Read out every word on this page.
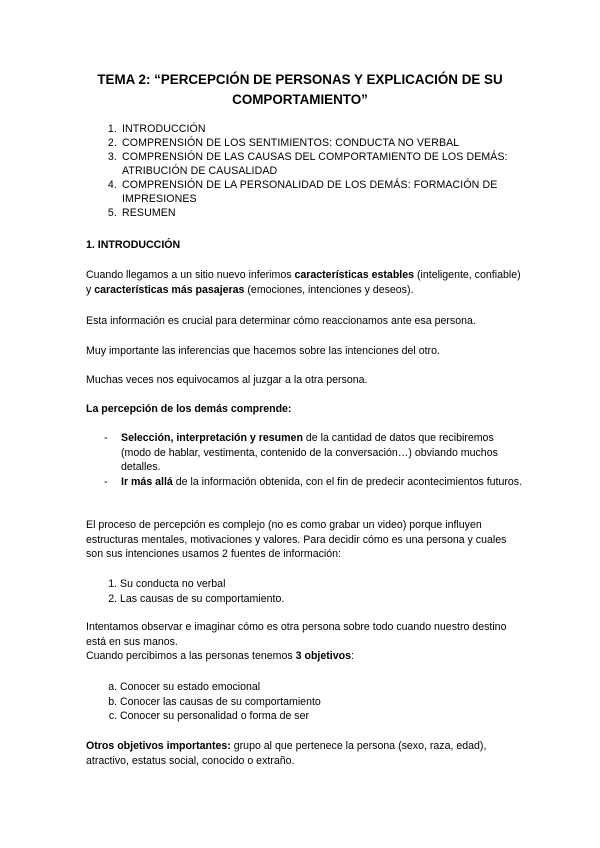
TEMA 2: “PERCEPCIÓN DE PERSONAS Y EXPLICACIÓN DE SU COMPORTAMIENTO”
1. INTRODUCCIÓN
2. COMPRENSIÓN DE LOS SENTIMIENTOS: CONDUCTA NO VERBAL
3. COMPRENSIÓN DE LAS CAUSAS DEL COMPORTAMIENTO DE LOS DEMÁS: ATRIBUCIÓN DE CAUSALIDAD
4. COMPRENSIÓN DE LA PERSONALIDAD DE LOS DEMÁS: FORMACIÓN DE IMPRESIONES
5. RESUMEN
1. INTRODUCCIÓN

Cuando llegamos a un sitio nuevo inferimos características estables (inteligente, confiable) y características más pasajeras (emociones, intenciones y deseos).

Esta información es crucial para determinar cómo reaccionamos ante esa persona.
Muy importante las inferencias que hacemos sobre las intenciones del otro.
Muchas veces nos equivocamos al juzgar a la otra persona.
La percepción de los demás comprende:
- Selección, interpretación y resumen de la cantidad de datos que recibiremos (modo de hablar, vestimenta, contenido de la conversación…) obviando muchos detalles.
- Ir más allá de la información obtenida, con el fin de predecir acontecimientos futuros.
El proceso de percepción es complejo (no es como grabar un video) porque influyen estructuras mentales, motivaciones y valores. Para decidir cómo es una persona y cuales son sus intenciones usamos 2 fuentes de información:
1. Su conducta no verbal
2. Las causas de su comportamiento.
Intentamos observar e imaginar cómo es otra persona sobre todo cuando nuestro destino está en sus manos.

Cuando percibimos a las personas tenemos 3 objetivos:

a. Conocer su estado emocional
b. Conocer las causas de su comportamiento
c. Conocer su personalidad o forma de ser

Otros objetivos importantes: grupo al que pertenece la persona (sexo, raza, edad), atractivo, estatus social, conocido o extraño.
